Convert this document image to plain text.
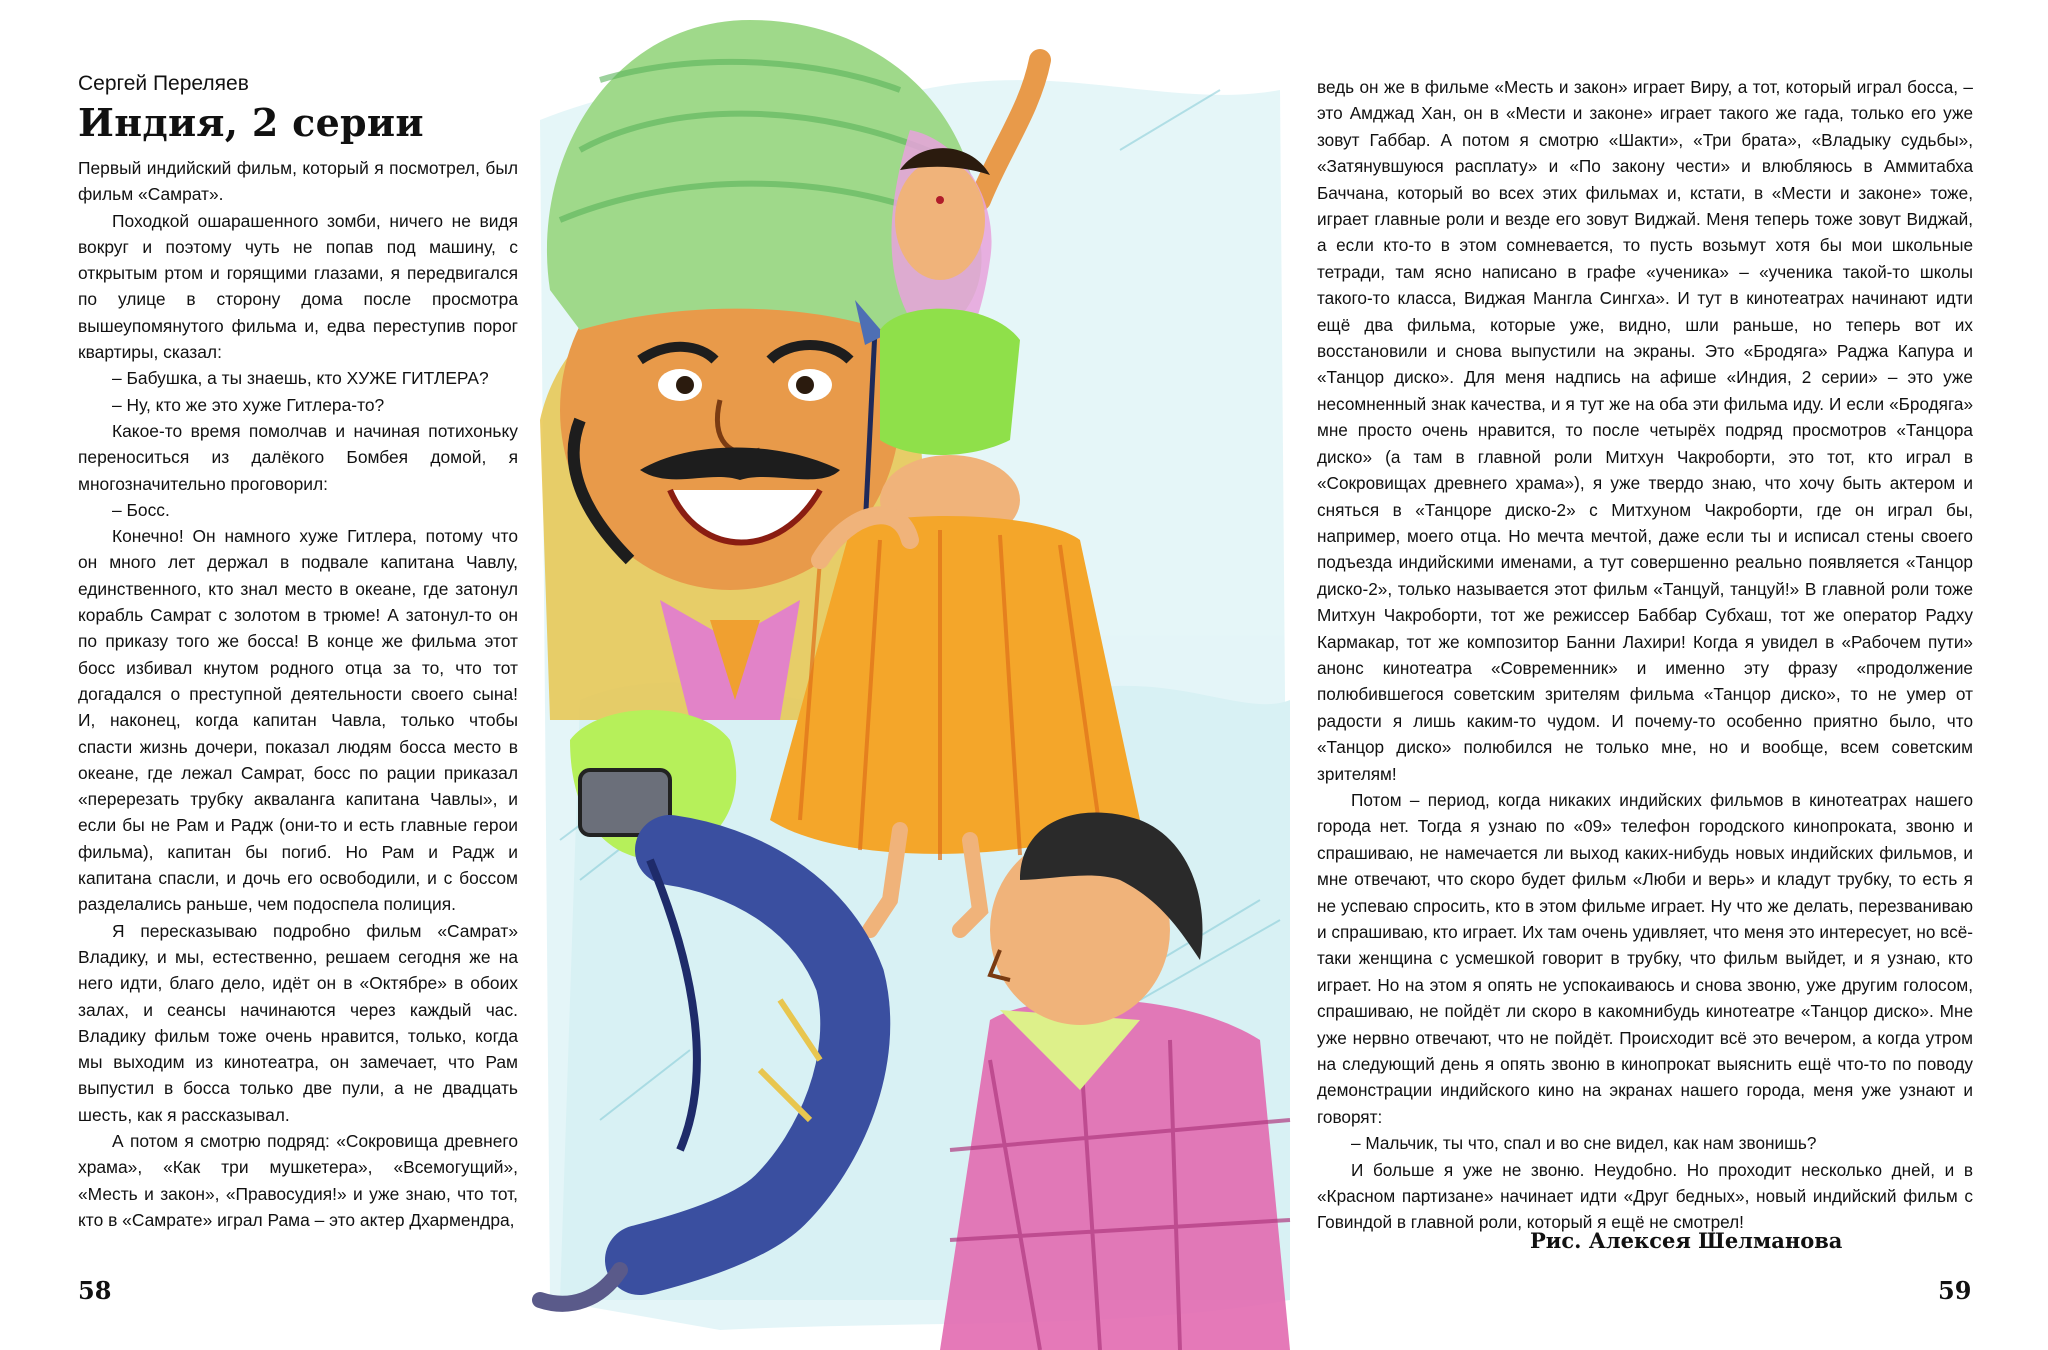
Сергей Переляев
Индия, 2 серии

Первый индийский фильм, который я посмотрел, был фильм «Самрат».

Походкой ошарашенного зомби, ничего не видя вокруг и поэтому чуть не попав под машину, с открытым ртом и горящими глазами, я передвигался по улице в сторону дома после просмотра вышеупомянутого фильма и, едва переступив порог квартиры, сказал:

– Бабушка, а ты знаешь, кто ХУЖЕ ГИТЛЕРА?

– Ну, кто же это хуже Гитлера-то?

Какое-то время помолчав и начиная потихоньку переноситься из далёкого Бомбея домой, я многозначительно проговорил:

– Босс.

Конечно! Он намного хуже Гитлера, потому что он много лет держал в подвале капитана Чавлу, единственного, кто знал место в океане, где затонул корабль Самрат с золотом в трюме! А затонул-то он по приказу того же босса! В конце же фильма этот босс избивал кнутом родного отца за то, что тот догадался о преступной деятельности своего сына! И, наконец, когда капитан Чавла, только чтобы спасти жизнь дочери, показал людям босса место в океане, где лежал Самрат, босс по рации приказал «перерезать трубку акваланга капитана Чавлы», и если бы не Рам и Радж (они-то и есть главные герои фильма), капитан бы погиб. Но Рам и Радж и капитана спасли, и дочь его освободили, и с боссом разделались раньше, чем подоспела полиция.

Я пересказываю подробно фильм «Самрат» Владику, и мы, естественно, решаем сегодня же на него идти, благо дело, идёт он в «Октябре» в обоих залах, и сеансы начинаются через каждый час. Владику фильм тоже очень нравится, только, когда мы выходим из кинотеатра, он замечает, что Рам выпустил в босса только две пули, а не двадцать шесть, как я рассказывал.

А потом я смотрю подряд: «Сокровища древнего храма», «Как три мушкетера», «Всемогущий», «Месть и закон», «Правосудия!» и уже знаю, что тот, кто в «Самрате» играл Рама – это актер Дхармендра,

ведь он же в фильме «Месть и закон» играет Виру, а тот, который играл босса, – это Амджад Хан, он в «Мести и законе» играет такого же гада, только его уже зовут Габбар. А потом я смотрю «Шакти», «Три брата», «Владыку судьбы», «Затянувшуюся расплату» и «По закону чести» и влюбляюсь в Аммитабха Баччана, который во всех этих фильмах и, кстати, в «Мести и законе» тоже, играет главные роли и везде его зовут Виджай. Меня теперь тоже зовут Виджай, а если кто-то в этом сомневается, то пусть возьмут хотя бы мои школьные тетради, там ясно написано в графе «ученика» – «ученика такой-то школы такого-то класса, Виджая Мангла Сингха». И тут в кинотеатрах начинают идти ещё два фильма, которые уже, видно, шли раньше, но теперь вот их восстановили и снова выпустили на экраны. Это «Бродяга» Раджа Капура и «Танцор диско». Для меня надпись на афише «Индия, 2 серии» – это уже несомненный знак качества, и я тут же на оба эти фильма иду. И если «Бродяга» мне просто очень нравится, то после четырёх подряд просмотров «Танцора диско» (а там в главной роли Митхун Чакроборти, это тот, кто играл в «Сокровищах древнего храма»), я уже твердо знаю, что хочу быть актером и сняться в «Танцоре диско-2» с Митхуном Чакроборти, где он играл бы, например, моего отца. Но мечта мечтой, даже если ты и исписал стены своего подъезда индийскими именами, а тут совершенно реально появляется «Танцор диско-2», только называется этот фильм «Танцуй, танцуй!» В главной роли тоже Митхун Чакроборти, тот же режиссер Баббар Субхаш, тот же оператор Радху Кармакар, тот же композитор Банни Лахири! Когда я увидел в «Рабочем пути» анонс кинотеатра «Современник» и именно эту фразу «продолжение полюбившегося советским зрителям фильма «Танцор диско», то не умер от радости я лишь каким-то чудом. И почему-то особенно приятно было, что «Танцор диско» полюбился не только мне, но и вообще, всем советским зрителям!

Потом – период, когда никаких индийских фильмов в кинотеатрах нашего города нет. Тогда я узнаю по «09» телефон городского кинопроката, звоню и спрашиваю, не намечается ли выход каких-нибудь новых индийских фильмов, и мне отвечают, что скоро будет фильм «Люби и верь» и кладут трубку, то есть я не успеваю спросить, кто в этом фильме играет. Ну что же делать, перезваниваю и спрашиваю, кто играет. Их там очень удивляет, что меня это интересует, но всё-таки женщина с усмешкой говорит в трубку, что фильм выйдет, и я узнаю, кто играет. Но на этом я опять не успокаиваюсь и снова звоню, уже другим голосом, спрашиваю, не пойдёт ли скоро в какомнибудь кинотеатре «Танцор диско». Мне уже нервно отвечают, что не пойдёт. Происходит всё это вечером, а когда утром на следующий день я опять звоню в кинопрокат выяснить ещё что-то по поводу демонстрации индийского кино на экранах нашего города, меня уже узнают и говорят:

– Мальчик, ты что, спал и во сне видел, как нам звонишь?

И больше я уже не звоню. Неудобно. Но проходит несколько дней, и в «Красном партизане» начинает идти «Друг бедных», новый индийский фильм с Говиндой в главной роли, который я ещё не смотрел!

Рис. Алексея Шелманова
58	59
